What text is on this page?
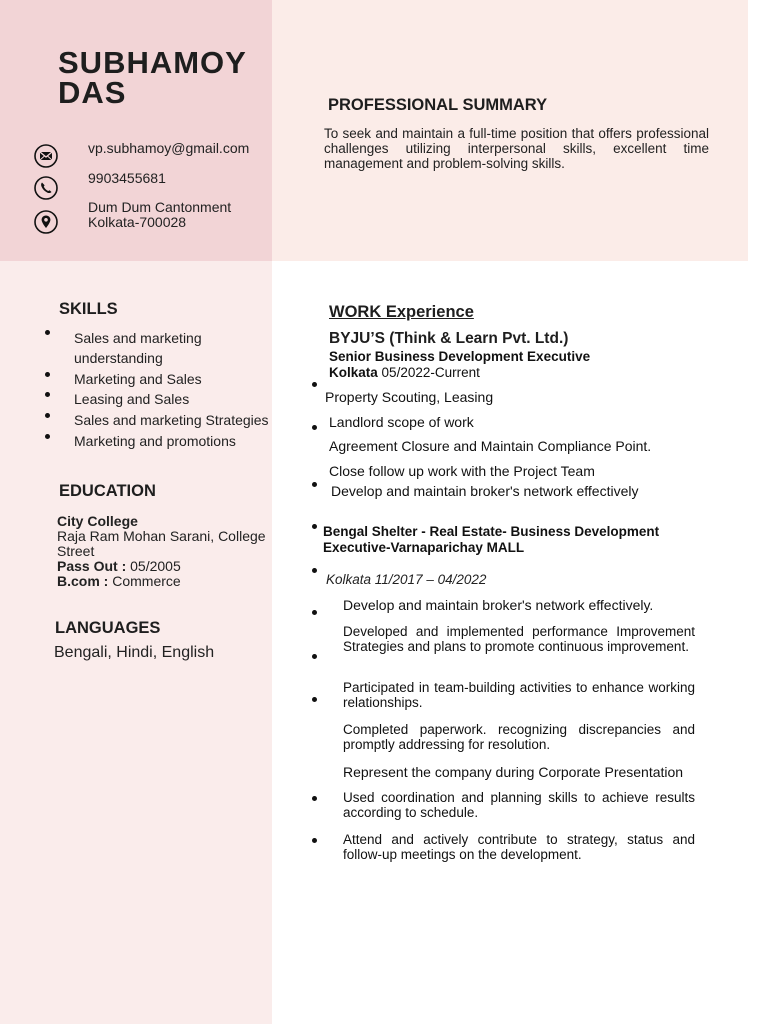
SUBHAMOY
DAS
vp.subhamoy@gmail.com
9903455681
Dum Dum Cantonment
Kolkata-700028
PROFESSIONAL SUMMARY
To seek and maintain a full-time position that offers professional challenges utilizing interpersonal skills, excellent time management and problem-solving skills.
SKILLS
Sales and marketing
understanding
Marketing and Sales
Leasing and Sales
Sales and marketing Strategies
Marketing and promotions
EDUCATION
City College
Raja Ram Mohan Sarani, College Street
Pass Out : 05/2005
B.com : Commerce
LANGUAGES
Bengali, Hindi, English
WORK Experience
BYJU’S (Think & Learn Pvt. Ltd.)
Senior Business Development Executive
Kolkata 05/2022-Current
Property Scouting, Leasing
Landlord scope of work
Agreement Closure and Maintain Compliance Point.
Close follow up work with the Project Team
Develop and maintain broker's network effectively
Bengal Shelter - Real Estate- Business Development
Executive-Varnaparichay MALL
Kolkata 11/2017 – 04/2022
Develop and maintain broker's network effectively.
Developed and implemented performance Improvement Strategies and plans to promote continuous improvement.
Participated in team-building activities to enhance working relationships.
Completed paperwork. recognizing discrepancies and promptly addressing for resolution.
Represent the company during Corporate Presentation
Used coordination and planning skills to achieve results according to schedule.
Attend and actively contribute to strategy, status and follow-up meetings on the development.
